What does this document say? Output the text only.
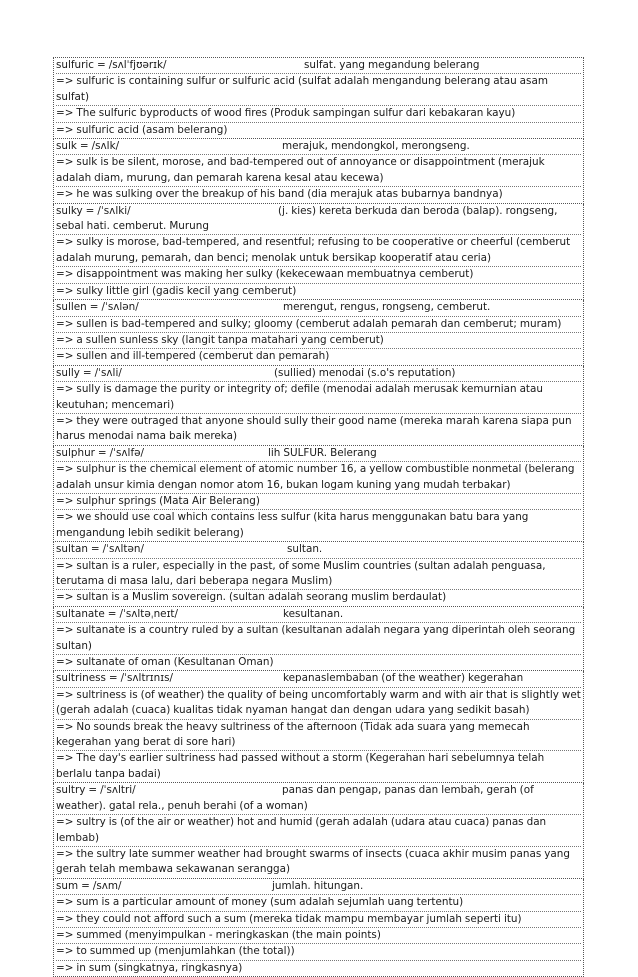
sulfuric = /sʌlˈfjʊərɪk/	sulfat. yang megandung belerang
=> sulfuric is containing sulfur or sulfuric acid (sulfat adalah mengandung belerang atau asam sulfat)
=> The sulfuric byproducts of wood fires (Produk sampingan sulfur dari kebakaran kayu)
=> sulfuric acid (asam belerang)
sulk = /sʌlk/	merajuk, mendongkol, merongseng.
=> sulk is be silent, morose, and bad-tempered out of annoyance or disappointment (merajuk adalah diam, murung, dan pemarah karena kesal atau kecewa)
=> he was sulking over the breakup of his band (dia merajuk atas bubarnya bandnya)
sulky = /ˈsʌlki/	(j. kies) kereta berkuda dan beroda (balap). rongseng, sebal hati. cemberut. Murung
=> sulky is morose, bad-tempered, and resentful; refusing to be cooperative or cheerful (cemberut adalah murung, pemarah, dan benci; menolak untuk bersikap kooperatif atau ceria)
=> disappointment was making her sulky (kekecewaan membuatnya cemberut)
=> sulky little girl (gadis kecil yang cemberut)
sullen = /ˈsʌlən/	merengut, rengus, rongseng, cemberut.
=> sullen is bad-tempered and sulky; gloomy (cemberut adalah pemarah dan cemberut; muram)
=> a sullen sunless sky (langit tanpa matahari yang cemberut)
=> sullen and ill-tempered (cemberut dan pemarah)
sully = /ˈsʌli/	(sullied) menodai (s.o's reputation)
=> sully is damage the purity or integrity of; defile (menodai adalah merusak kemurnian atau keutuhan; mencemari)
=> they were outraged that anyone should sully their good name (mereka marah karena siapa pun harus menodai nama baik mereka)
sulphur = /ˈsʌlfə/	lih SULFUR. Belerang
=> sulphur is the chemical element of atomic number 16, a yellow combustible nonmetal (belerang adalah unsur kimia dengan nomor atom 16, bukan logam kuning yang mudah terbakar)
=> sulphur springs (Mata Air Belerang)
=> we should use coal which contains less sulfur (kita harus menggunakan batu bara yang mengandung lebih sedikit belerang)
sultan = /ˈsʌltən/	sultan.
=> sultan is a ruler, especially in the past, of some Muslim countries (sultan adalah penguasa, terutama di masa lalu, dari beberapa negara Muslim)
=> sultan is a Muslim sovereign. (sultan adalah seorang muslim berdaulat)
sultanate = /ˈsʌltəˌneɪt/	kesultanan.
=> sultanate is a country ruled by a sultan (kesultanan adalah negara yang diperintah oleh seorang sultan)
=> sultanate of oman (Kesultanan Oman)
sultriness = /ˈsʌltrɪnɪs/	kepanaslembaban (of the weather) kegerahan
=> sultriness is (of weather) the quality of being uncomfortably warm and with air that is slightly wet (gerah adalah (cuaca) kualitas tidak nyaman hangat dan dengan udara yang sedikit basah)
=> No sounds break the heavy sultriness of the afternoon (Tidak ada suara yang memecah kegerahan yang berat di sore hari)
=> The day's earlier sultriness had passed without a storm (Kegerahan hari sebelumnya telah berlalu tanpa badai)
sultry = /ˈsʌltri/	panas dan pengap, panas dan lembah, gerah (of weather). gatal rela., penuh berahi (of a woman)
=> sultry is (of the air or weather) hot and humid (gerah adalah (udara atau cuaca) panas dan lembab)
=> the sultry late summer weather had brought swarms of insects (cuaca akhir musim panas yang gerah telah membawa sekawanan serangga)
sum = /sʌm/	jumlah. hitungan.
=> sum is a particular amount of money (sum adalah sejumlah uang tertentu)
=> they could not afford such a sum (mereka tidak mampu membayar jumlah seperti itu)
=> summed (menyimpulkan - meringkaskan (the main points)
=> to summed up (menjumlahkan (the total))
=> in sum (singkatnya, ringkasnya)
